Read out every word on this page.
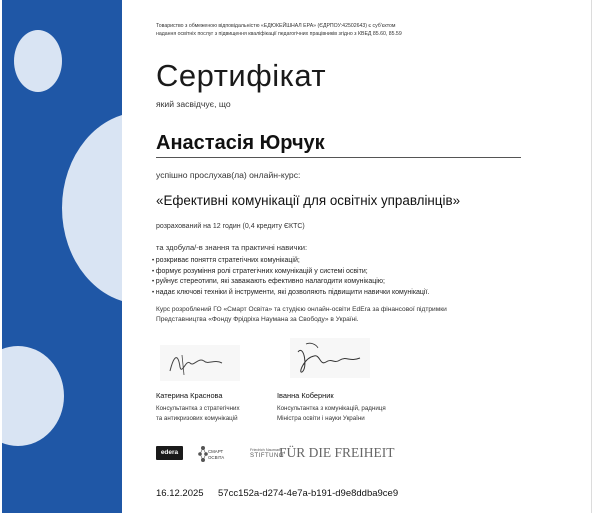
Товариство з обмеженою відповідальністю «ЕДЮКЕЙШНАЛ ЕРА» (ЄДРПОУ:42502643) є суб'єктом
надання освітніх послуг з підвищення кваліфікації педагогічних працівників згідно з КВЕД 85.60, 85.59
Сертифікат
який засвідчує, що
Анастасія Юрчук
успішно прослухав(ла) онлайн-курс:
«Ефективні комунікації для освітніх управлінців»
розрахований на 12 годин (0,4 кредиту ЄКТС)
та здобула/-в знання та практичні навички:
• розкриває поняття стратегічних комунікацій;
• формує розуміння ролі стратегічних комунікацій у системі освіти;
• руйнує стереотипи, які заважають ефективно налагодити комунікацію;
• надає ключові техніки й інструменти, які дозволяють підвищити навички комунікації.
Курс розроблений ГО «Смарт Освіта» та студією онлайн-освіти EdEra за фінансової підтримки
Представництва «Фонду Фрідріха Наумана за Свободу» в Україні.
Катерина Краснова
Консультантка з стратегічних
та антикризових комунікацій
Іванна Коберник
Консультантка з комунікацій, радниця
Міністра освіти і науки України
edera	СМАРТ
ОСВІТА
Friedrich Naumann
STIFTUNG
FÜR DIE FREIHEIT
16.12.2025 57cc152a-d274-4e7a-b191-d9e8ddba9ce9
